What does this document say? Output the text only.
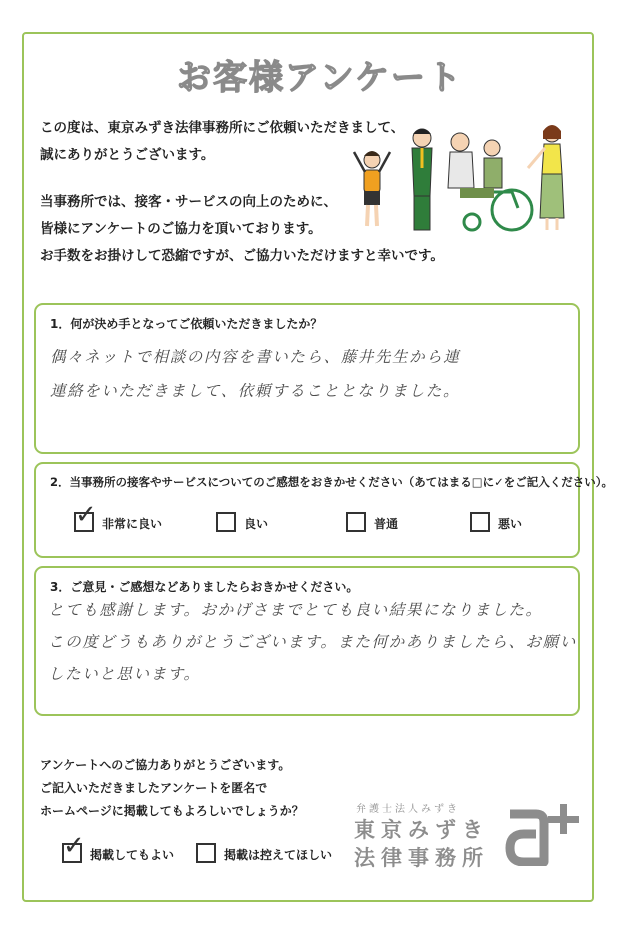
お客様アンケート
この度は、東京みずき法律事務所にご依頼いただきまして、
誠にありがとうございます。
当事務所では、接客・サービスの向上のために、
皆様にアンケートのご協力を頂いております。
お手数をお掛けして恐縮ですが、ご協力いただけますと幸いです。
1．何が決め手となってご依頼いただきましたか？
偶々ネットで相談の内容を書いたら、藤井先生から連
連絡をいただきまして、依頼することとなりました。
2．当事務所の接客やサービスについてのご感想をおきかせください（あてはまる□に✓をご記入ください）。
✓ 非常に良い	良い	普通	悪い
3．ご意見・ご感想などありましたらおきかせください。
とても感謝します。おかげさまでとても良い結果になりました。
この度どうもありがとうございます。また何かありましたら、お願い
したいと思います。
アンケートへのご協力ありがとうございます。
ご記入いただきましたアンケートを匿名で
ホームページに掲載してもよろしいでしょうか？
✓ 掲載してもよい	掲載は控えてほしい
弁護士法人みずき
東京みずき
法律事務所
